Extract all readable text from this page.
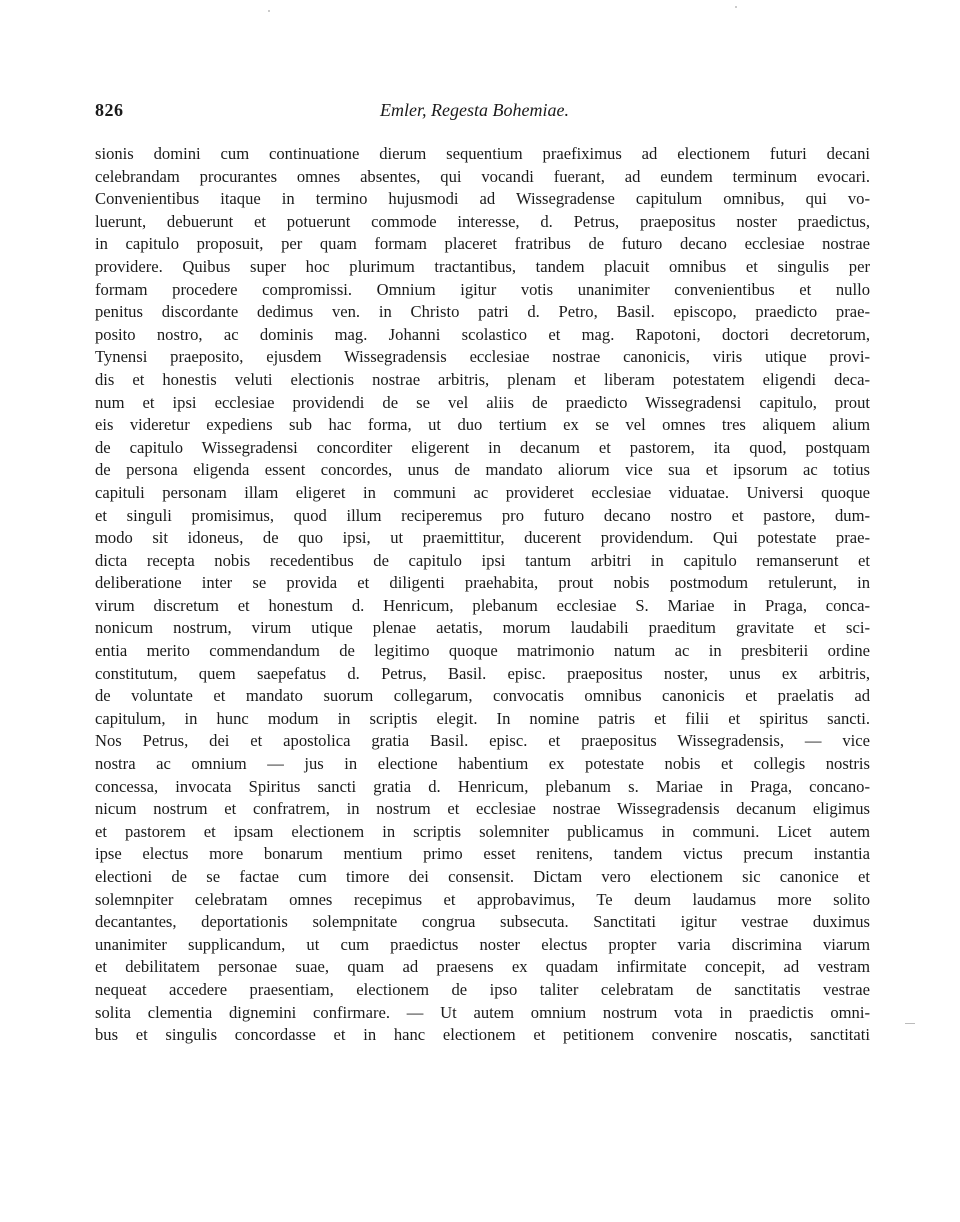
826	Emler, Regesta Bohemiae.
sionis domini cum continuatione dierum sequentium praefiximus ad electionem futuri decani
celebrandam procurantes omnes absentes, qui vocandi fuerant, ad eundem terminum evocari.
Convenientibus itaque in termino hujusmodi ad Wissegradense capitulum omnibus, qui vo-
luerunt, debuerunt et potuerunt commode interesse, d. Petrus, praepositus noster praedictus,
in capitulo proposuit, per quam formam placeret fratribus de futuro decano ecclesiae nostrae
providere. Quibus super hoc plurimum tractantibus, tandem placuit omnibus et singulis per
formam procedere compromissi. Omnium igitur votis unanimiter convenientibus et nullo
penitus discordante dedimus ven. in Christo patri d. Petro, Basil. episcopo, praedicto prae-
posito nostro, ac dominis mag. Johanni scolastico et mag. Rapotoni, doctori decretorum,
Tynensi praeposito, ejusdem Wissegradensis ecclesiae nostrae canonicis, viris utique provi-
dis et honestis veluti electionis nostrae arbitris, plenam et liberam potestatem eligendi deca-
num et ipsi ecclesiae providendi de se vel aliis de praedicto Wissegradensi capitulo, prout
eis videretur expediens sub hac forma, ut duo tertium ex se vel omnes tres aliquem alium
de capitulo Wissegradensi concorditer eligerent in decanum et pastorem, ita quod, postquam
de persona eligenda essent concordes, unus de mandato aliorum vice sua et ipsorum ac totius
capituli personam illam eligeret in communi ac provideret ecclesiae viduatae. Universi quoque
et singuli promisimus, quod illum reciperemus pro futuro decano nostro et pastore, dum-
modo sit idoneus, de quo ipsi, ut praemittitur, ducerent providendum. Qui potestate prae-
dicta recepta nobis recedentibus de capitulo ipsi tantum arbitri in capitulo remanserunt et
deliberatione inter se provida et diligenti praehabita, prout nobis postmodum retulerunt, in
virum discretum et honestum d. Henricum, plebanum ecclesiae S. Mariae in Praga, conca-
nonicum nostrum, virum utique plenae aetatis, morum laudabili praeditum gravitate et sci-
entia merito commendandum de legitimo quoque matrimonio natum ac in presbiterii ordine
constitutum, quem saepefatus d. Petrus, Basil. episc. praepositus noster, unus ex arbitris,
de voluntate et mandato suorum collegarum, convocatis omnibus canonicis et praelatis ad
capitulum, in hunc modum in scriptis elegit. In nomine patris et filii et spiritus sancti.
Nos Petrus, dei et apostolica gratia Basil. episc. et praepositus Wissegradensis, — vice
nostra ac omnium — jus in electione habentium ex potestate nobis et collegis nostris
concessa, invocata Spiritus sancti gratia d. Henricum, plebanum s. Mariae in Praga, concano-
nicum nostrum et confratrem, in nostrum et ecclesiae nostrae Wissegradensis decanum eligimus
et pastorem et ipsam electionem in scriptis solemniter publicamus in communi. Licet autem
ipse electus more bonarum mentium primo esset renitens, tandem victus precum instantia
electioni de se factae cum timore dei consensit. Dictam vero electionem sic canonice et
solemnpiter celebratam omnes recepimus et approbavimus, Te deum laudamus more solito
decantantes, deportationis solempnitate congrua subsecuta. Sanctitati igitur vestrae duximus
unanimiter supplicandum, ut cum praedictus noster electus propter varia discrimina viarum
et debilitatem personae suae, quam ad praesens ex quadam infirmitate concepit, ad vestram
nequeat accedere praesentiam, electionem de ipso taliter celebratam de sanctitatis vestrae
solita clementia dignemini confirmare. — Ut autem omnium nostrum vota in praedictis omni-
bus et singulis concordasse et in hanc electionem et petitionem convenire noscatis, sanctitati
